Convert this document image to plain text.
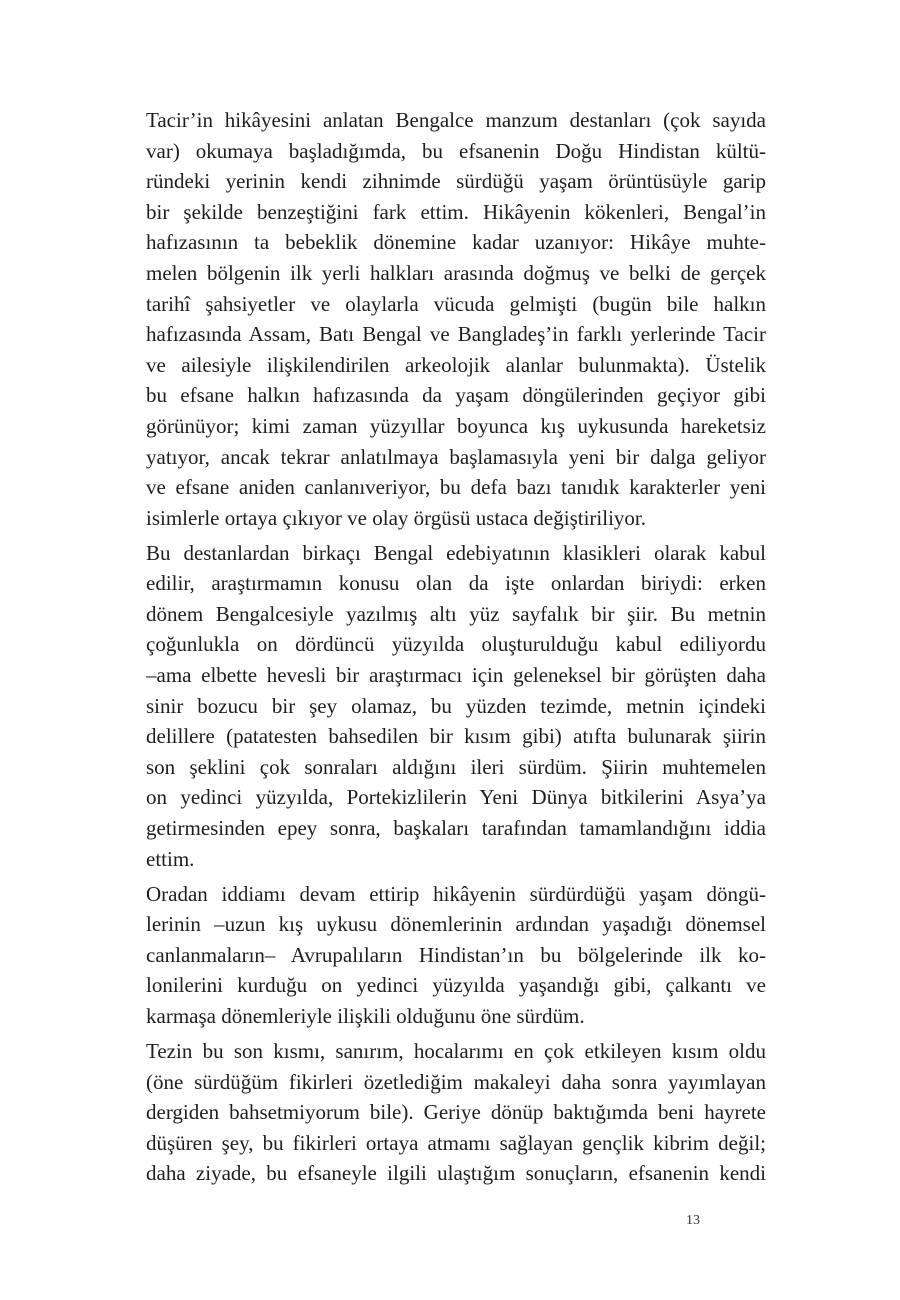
Tacir’in hikâyesini anlatan Bengalce manzum destanları (çok sayıda
var) okumaya başladığımda, bu efsanenin Doğu Hindistan kültü-
ründeki yerinin kendi zihnimde sürdüğü yaşam örüntüsüyle garip
bir şekilde benzeştiğini fark ettim. Hikâyenin kökenleri, Bengal’in
hafızasının ta bebeklik dönemine kadar uzanıyor: Hikâye muhte-
melen bölgenin ilk yerli halkları arasında doğmuş ve belki de gerçek
tarihî şahsiyetler ve olaylarla vücuda gelmişti (bugün bile halkın
hafızasında Assam, Batı Bengal ve Bangladeş’in farklı yerlerinde Tacir
ve ailesiyle ilişkilendirilen arkeolojik alanlar bulunmakta). Üstelik
bu efsane halkın hafızasında da yaşam döngülerinden geçiyor gibi
görünüyor; kimi zaman yüzyıllar boyunca kış uykusunda hareketsiz
yatıyor, ancak tekrar anlatılmaya başlamasıyla yeni bir dalga geliyor
ve efsane aniden canlanıveriyor, bu defa bazı tanıdık karakterler yeni
isimlerle ortaya çıkıyor ve olay örgüsü ustaca değiştiriliyor.
Bu destanlardan birkaçı Bengal edebiyatının klasikleri olarak kabul
edilir, araştırmamın konusu olan da işte onlardan biriydi: erken
dönem Bengalcesiyle yazılmış altı yüz sayfalık bir şiir. Bu metnin
çoğunlukla on dördüncü yüzyılda oluşturulduğu kabul ediliyordu
–ama elbette hevesli bir araştırmacı için geleneksel bir görüşten daha
sinir bozucu bir şey olamaz, bu yüzden tezimde, metnin içindeki
delillere (patatesten bahsedilen bir kısım gibi) atıfta bulunarak şiirin
son şeklini çok sonraları aldığını ileri sürdüm. Şiirin muhtemelen
on yedinci yüzyılda, Portekizlilerin Yeni Dünya bitkilerini Asya’ya
getirmesinden epey sonra, başkaları tarafından tamamlandığını iddia
ettim.
Oradan iddiamı devam ettirip hikâyenin sürdürdüğü yaşam döngü-
lerinin –uzun kış uykusu dönemlerinin ardından yaşadığı dönemsel
canlanmaların– Avrupalıların Hindistan’ın bu bölgelerinde ilk ko-
lonilerini kurduğu on yedinci yüzyılda yaşandığı gibi, çalkantı ve
karmaşa dönemleriyle ilişkili olduğunu öne sürdüm.
Tezin bu son kısmı, sanırım, hocalarımı en çok etkileyen kısım oldu
(öne sürdüğüm fikirleri özetlediğim makaleyi daha sonra yayımlayan
dergiden bahsetmiyorum bile). Geriye dönüp baktığımda beni hayrete
düşüren şey, bu fikirleri ortaya atmamı sağlayan gençlik kibrim değil;
daha ziyade, bu efsaneyle ilgili ulaştığım sonuçların, efsanenin kendi
13
